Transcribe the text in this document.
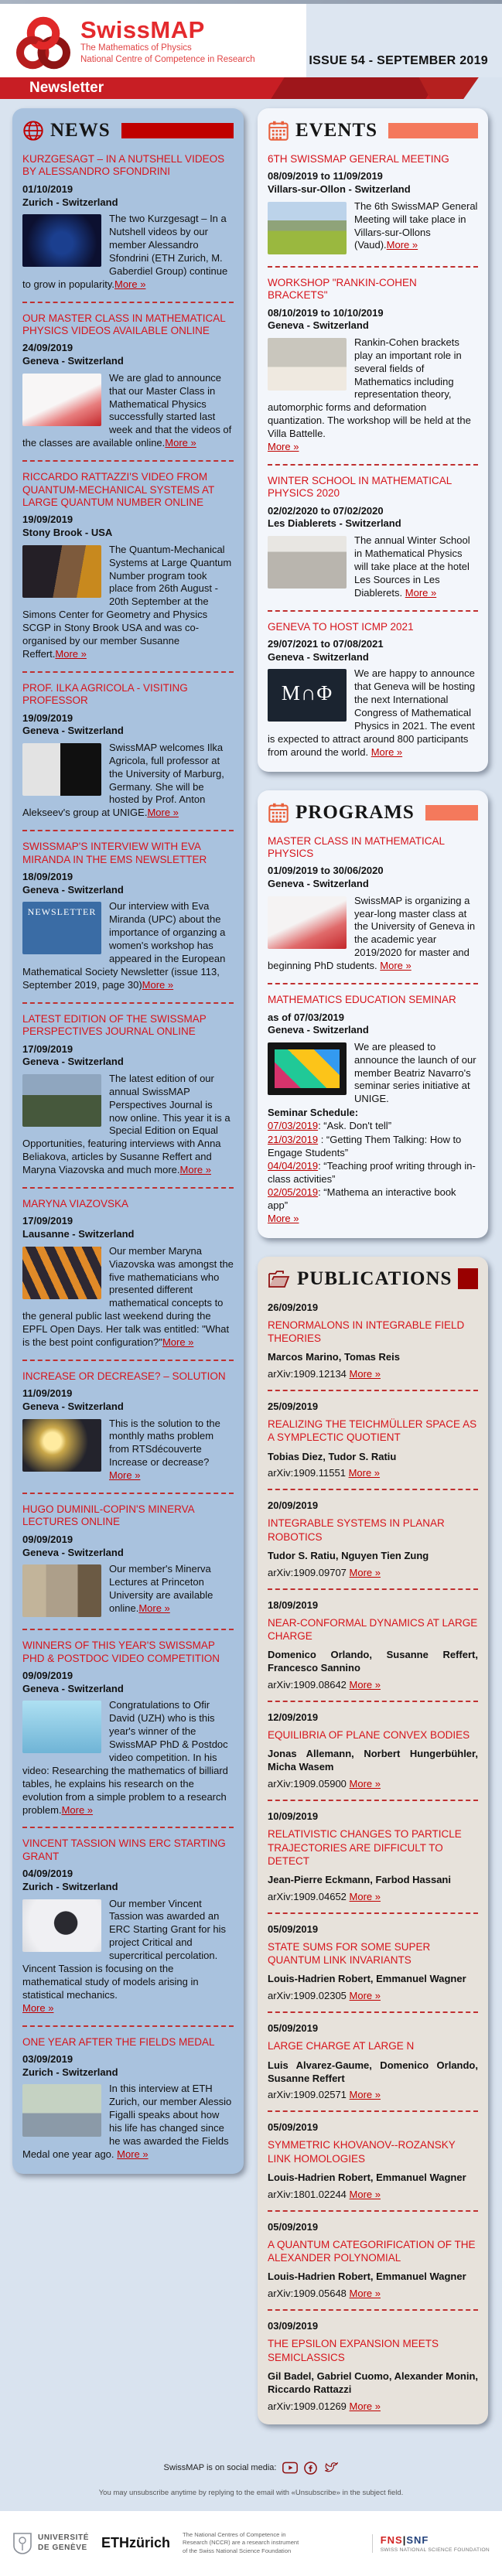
SwissMAP
The Mathematics of Physics
National Centre of Competence in Research	ISSUE 54 - SEPTEMBER 2019
Newsletter
NEWS
KURZGESAGT – IN A NUTSHELL VIDEOS BY ALESSANDRO SFONDRINI
01/10/2019
Zurich - Switzerland
The two Kurzgesagt – In a Nutshell videos by our member Alessandro Sfondrini (ETH Zurich, M. Gaberdiel Group) continue to grow in popularity.More »
OUR MASTER CLASS IN MATHEMATICAL PHYSICS VIDEOS AVAILABLE ONLINE
24/09/2019
Geneva - Switzerland
We are glad to announce that our Master Class in Mathematical Physics successfully started last week and that the videos of the classes are available online.More »
RICCARDO RATTAZZI'S VIDEO FROM QUANTUM-MECHANICAL SYSTEMS AT LARGE QUANTUM NUMBER ONLINE
19/09/2019
Stony Brook - USA
The Quantum-Mechanical Systems at Large Quantum Number program took place from 26th August - 20th September at the Simons Center for Geometry and Physics SCGP in Stony Brook USA and was co-organised by our member Susanne Reffert.More »
PROF. ILKA AGRICOLA - VISITING PROFESSOR
19/09/2019
Geneva - Switzerland
SwissMAP welcomes Ilka Agricola, full professor at the University of Marburg, Germany. She will be hosted by Prof. Anton Alekseev's group at UNIGE.More »
SWISSMAP'S INTERVIEW WITH EVA MIRANDA IN THE EMS NEWSLETTER
18/09/2019
Geneva - Switzerland
NEWSLETTER	Our interview with Eva Miranda (UPC) about the importance of organzing a women's workshop has appeared in the European Mathematical Society Newsletter (issue 113, September 2019, page 30)More »
LATEST EDITION OF THE SWISSMAP PERSPECTIVES JOURNAL ONLINE
17/09/2019
Geneva - Switzerland
The latest edition of our annual SwissMAP Perspectives Journal is now online. This year it is a Special Edition on Equal Opportunities, featuring interviews with Anna Beliakova, articles by Susanne Reffert and Maryna Viazovska and much more.More »
MARYNA VIAZOVSKA
17/09/2019
Lausanne - Switzerland
Our member Maryna Viazovska was amongst the five mathematicians who presented different mathematical concepts to the general public last weekend during the EPFL Open Days. Her talk was entitled: "What is the best point configuration?"More »
INCREASE OR DECREASE? – SOLUTION
11/09/2019
Geneva - Switzerland
This is the solution to the monthly maths problem from RTSdécouverte Increase or decrease?More »
HUGO DUMINIL-COPIN'S MINERVA LECTURES ONLINE
09/09/2019
Geneva - Switzerland
Our member's Minerva Lectures at Princeton University are available online.More »
WINNERS OF THIS YEAR'S SWISSMAP PHD & POSTDOC VIDEO COMPETITION
09/09/2019
Geneva - Switzerland
Congratulations to Ofir David (UZH) who is this year's winner of the SwissMAP PhD & Postdoc video competition. In his video: Researching the mathematics of billiard tables, he explains his research on the evolution from a simple problem to a research problem.More »
VINCENT TASSION WINS ERC STARTING GRANT
04/09/2019
Zurich - Switzerland
Our member Vincent Tassion was awarded an ERC Starting Grant for his project Critical and supercritical percolation. Vincent Tassion is focusing on the mathematical study of models arising in statistical mechanics.
More »
ONE YEAR AFTER THE FIELDS MEDAL
03/09/2019
Zurich - Switzerland
In this interview at ETH Zurich, our member Alessio Figalli speaks about how his life has changed since he was awarded the Fields Medal one year ago. More »
EVENTS
6TH SWISSMAP GENERAL MEETING
08/09/2019 to 11/09/2019
Villars-sur-Ollon - Switzerland
The 6th SwissMAP General Meeting will take place in Villars-sur-Ollons (Vaud).More »
WORKSHOP "RANKIN-COHEN BRACKETS"
08/10/2019 to 10/10/2019
Geneva - Switzerland
Rankin-Cohen brackets play an important role in several fields of Mathematics including representation theory, automorphic forms and deformation quantization. The workshop will be held at the Villa Battelle.
More »
WINTER SCHOOL IN MATHEMATICAL PHYSICS 2020
02/02/2020 to 07/02/2020
Les Diablerets - Switzerland
The annual Winter School in Mathematical Physics will take place at the hotel Les Sources in Les Diablerets. More »
GENEVA TO HOST ICMP 2021
29/07/2021 to 07/08/2021
Geneva - Switzerland
M∩Φ
We are happy to announce that Geneva will be hosting the next International Congress of Mathematical Physics in 2021. The event is expected to attract around 800 participants from around the world. More »
PROGRAMS
MASTER CLASS IN MATHEMATICAL PHYSICS
01/09/2019 to 30/06/2020
Geneva - Switzerland
SwissMAP is organizing a year-long master class at the University of Geneva in the academic year 2019/2020 for master and beginning PhD students. More »
MATHEMATICS EDUCATION SEMINAR
as of 07/03/2019
Geneva - Switzerland
We are pleased to announce the launch of our member Beatriz Navarro's seminar series initiative at UNIGE.
Seminar Schedule:
07/03/2019: “Ask. Don't tell”
21/03/2019 : “Getting Them Talking: How to Engage Students”
04/04/2019: “Teaching proof writing through in-class activities”
02/05/2019: “Mathema an interactive book app”
More »
PUBLICATIONS
26/09/2019
RENORMALONS IN INTEGRABLE FIELD THEORIES
Marcos Marino, Tomas Reis
arXiv:1909.12134 More »
25/09/2019
REALIZING THE TEICHMÜLLER SPACE AS A SYMPLECTIC QUOTIENT
Tobias Diez, Tudor S. Ratiu
arXiv:1909.11551 More »
20/09/2019
INTEGRABLE SYSTEMS IN PLANAR ROBOTICS
Tudor S. Ratiu, Nguyen Tien Zung
arXiv:1909.09707 More »
18/09/2019
NEAR-CONFORMAL DYNAMICS AT LARGE CHARGE
Domenico Orlando, Susanne Reffert, Francesco Sannino
arXiv:1909.08642 More »
12/09/2019
EQUILIBRIA OF PLANE CONVEX BODIES
Jonas Allemann, Norbert Hungerbühler, Micha Wasem
arXiv:1909.05900 More »
10/09/2019
RELATIVISTIC CHANGES TO PARTICLE TRAJECTORIES ARE DIFFICULT TO DETECT
Jean-Pierre Eckmann, Farbod Hassani
arXiv:1909.04652 More »
05/09/2019
STATE SUMS FOR SOME SUPER QUANTUM LINK INVARIANTS
Louis-Hadrien Robert, Emmanuel Wagner
arXiv:1909.02305 More »
05/09/2019
LARGE CHARGE AT LARGE N
Luis Alvarez-Gaume, Domenico Orlando, Susanne Reffert
arXiv:1909.02571 More »
05/09/2019
SYMMETRIC KHOVANOV--ROZANSKY LINK HOMOLOGIES
Louis-Hadrien Robert, Emmanuel Wagner
arXiv:1801.02244 More »
05/09/2019
A QUANTUM CATEGORIFICATION OF THE ALEXANDER POLYNOMIAL
Louis-Hadrien Robert, Emmanuel Wagner
arXiv:1909.05648 More »
03/09/2019
THE EPSILON EXPANSION MEETS SEMICLASSICS
Gil Badel, Gabriel Cuomo, Alexander Monin, Riccardo Rattazzi
arXiv:1909.01269 More »
SwissMAP is on social media:
You may unsubscribe anytime by replying to the email with «Unsubscribe» in the subject field.
UNIVERSITÉ
DE GENÈVE ETHzürich
The National Centres of Competence in Research (NCCR) are a research instrument of the Swiss National Science Foundation
FNS|SNF
SWISS NATIONAL SCIENCE FOUNDATION
